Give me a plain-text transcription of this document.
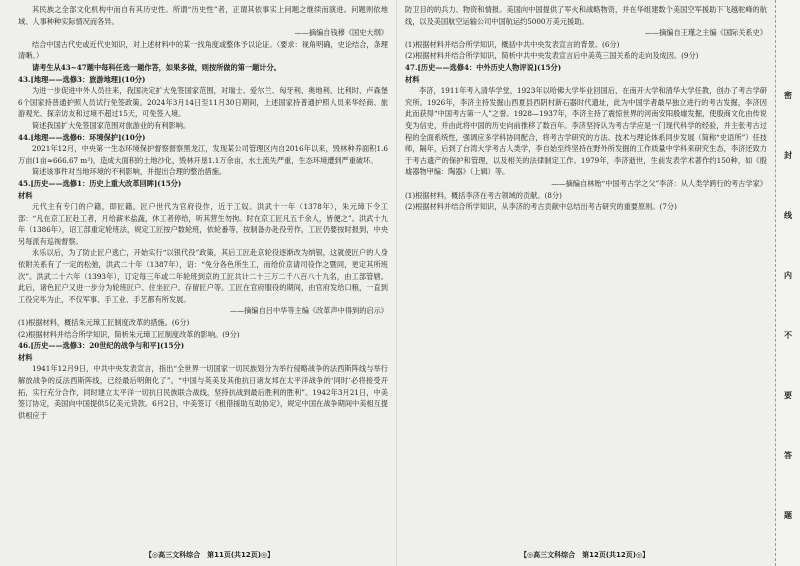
其民族之全部文化机构中而自有其历史性。所谓“历史性”者，正谓其依事实上问题之继续而演进。问题则依地域、人事种种实际情况而各异。

——摘编自钱穆《国史大纲》

结合中国古代史或近代史知识，对上述材料中的某一找角度或整体予以论证。（要求：视角明确，史论结合，条理清晰。）

请考生从43~47题中每科任选一题作答，如果多做，则按所做的第一题计分。

43.[地理——选修3：旅游地理](10分)

为进一步促进中外人员往来，我国决定扩大免签国家范围，对瑞士、爱尔兰、匈牙利、奥地利、比利时、卢森堡6个国家持普通护照人员试行免签政策。2024年3月14日至11月30日期间，上述国家持普通护照人员来华经商、旅游观光、探亲访友和过境不超过15天，可免签入境。

简述我国扩大免签国家范围对旅游业的有利影响。

44.[地理——选修6：环境保护](10分)

2021年12月，中央第一生态环境保护督察督察黑龙江，发现某公司管理区内自2016年以来，毁林种养面积1.6万亩(1亩≈666.67 m²)，造成大面积的土地沙化，毁林开垦1.1万余亩，水土流失严重，生态环境遭到严重破坏。

简述该事件对当地环境的不利影响，并提出合理的整治措施。

45.[历史——选修1：历史上重大改革回眸](15分)

材料

元代主有专门的户籍，即匠籍，匠户世代为官府役作，近于工奴。洪武十一年（1378年），朱元璋下令工部：“凡在京工匠赴工者，月给薪米盐蔬，休工者停给，听其营生勿拘。时在京工匠凡五千余人，皆便之”。洪武十九年（1386年），诏工部重定轮班法，规定工匠按户数轮班，依轮番等，按制备办赴役劳作，工匠仍要按时报到，中央另每派有巡视督察。

永乐以后，为了防止匠户逃亡，开始实行“以银代役”政策，其后工匠赴京轮役逐渐改为纳银，这就使匠户的人身依附关系有了一定的松弛，洪武二十年（1387年），诏：“免分各色所生工，而给价京请司役作之暨同，更定其所班次”。洪武二十六年（1393年），订定每三年或二年轮班到京的工匠共计二十三万二千八百八十九名，由工部管辖。此后，诸色匠户又进一步分为轮班匠户、住坐匠户、存留匠户等。工匠在官府服役的期间，由官府发给口粮，一直到工役完毕为止，不仅军事、手工业、手艺都有所发展。

——摘编自吕中华等主编《改革声中得到的启示》

(1)根据材料，概括朱元璋工匠制度改革的措施。(6分)

(2)根据材料并结合所学知识，简析朱元璋工匠制度改革的影响。(9分)

46.[历史——选修3：20世纪的战争与和平](15分)

材料

1941年12月9日，中共中央发表宣言，指出“全世界一切国家一切民族划分为举行侵略战争的法西斯阵线与举行解放战争的反法西斯阵线，已经最后明朗化了”。“中国与英美及其他抗日诸友邦在太平洋战争的‘同时’必将接受开拓，实行充分合作，同时建立太平洋一切抗日民族联合战线，坚持抗战到最后胜利的胜利”。1942年3月21日，中美签订协定，美国向中国提供5亿美元贷款。6月2日，中美签订《租借援助互助协定》，规定中国在战争期间中美相互提供相应于

防卫目的的兵力、物资和情报。美国向中国提供了军火和战略物资，并在华组建数个美国空军援助下飞越驼峰的航线，以及美国航空运输公司中国航运约5000万美元援助。

——摘编自王瑾之主编《国际关系史》

(1)根据材料并结合所学知识，概括中共中央发表宣言的背景。(6分)

(2)根据材料并结合所学知识，简析中共中央发表宣言后中美英三国关系的走向及成因。(9分)

47.[历史——选修4：中外历史人物评说](15分)

材料

李济，1911年考入清华学堂，1923年以哈佛大学毕业回国后，在南开大学和清华大学任教，创办了考古学研究所。1926年，李济主持发掘山西夏县西阴村新石器时代遗址，此为中国学者最早独立进行的考古发掘，李济因此而获得“中国考古第一人”之誉。1928—1937年，李济主持了震惊世界的河南安阳殷墟发掘，使殷商文化由传说变为信史，并由此将中国的历史向前推移了数百年。李济坚持认为考古学应是一门现代科学的经验，并主张考古过程的全面系统性，强调应多学科协同配合，将考古学研究的方法、技术与理论体系同步发展（简称“史语所”）任技师，隔年，后到了台湾大学考古人类学，李自始至终坚持在野外所发掘的工作质量中学科来研究生态，李济还致力于考古遗产的保护和管理，以及相关的法律制定工作。1979年，李济逝世，生前发表学术著作约150种，如《殷墟器物甲编：陶器》（上辑）等。

——摘编自林贻“中国考古学之父”李济：从人类学跨行的考古学家》

(1)根据材料，概括李济在考古领域的贡献。(8分)

(2)根据材料并结合所学知识，从李济的考古贡献中总结出考古研究的重要原则。(7分)

【◎高三文科综合　第11页(共12页)◎】	【◎高三文科综合　第12页(共12页)◎】
密
封
线
内
不
要
答
题
